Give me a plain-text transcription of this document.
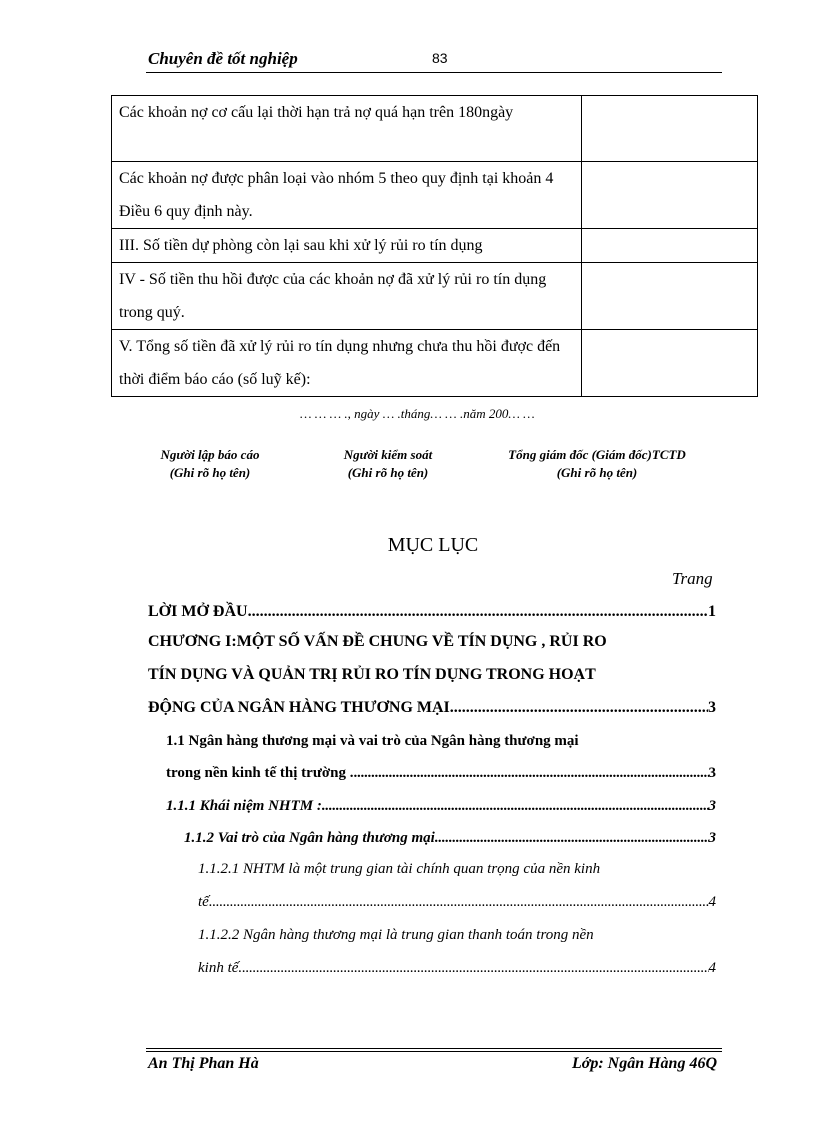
Chuyên đề tốt nghiệp	83
Các khoản nợ cơ cấu lại thời hạn trả nợ quá hạn trên 180ngày	
Các khoản nợ được phân loại vào nhóm 5 theo quy định tại khoản 4 Điều 6 quy định này.	
III. Số tiền dự phòng còn lại sau khi xử lý rủi ro tín dụng	
IV - Số tiền thu hồi được của các khoản nợ đã xử lý rủi ro tín dụng trong quý.	
V. Tổng số tiền đã xử lý rủi ro tín dụng nhưng chưa thu hồi được đến thời điểm báo cáo (số luỹ kế):	
… … … ., ngày … .tháng… … .năm 200… …
Người lập báo cáo
(Ghi rõ họ tên)
Người kiểm soát
(Ghi rõ họ tên)
Tổng giám đốc (Giám đốc)TCTD
(Ghi rõ họ tên)
MỤC LỤC
Trang
LỜI MỞ ĐẦU . . .	1
CHƯƠNG I:MỘT SỐ VẤN ĐỀ CHUNG VỀ TÍN DỤNG , RỦI RO
TÍN DỤNG VÀ QUẢN TRỊ RỦI RO TÍN DỤNG TRONG HOẠT
ĐỘNG CỦA NGÂN HÀNG THƯƠNG MẠI . . .	3
1.1 Ngân hàng thương mại và vai trò của Ngân hàng thương mại
trong nền kinh tế thị trường . . . .	3
1.1.1 Khái niệm NHTM : . . .	3
1.1.2 Vai trò của Ngân hàng thương mại . . .	3
1.1.2.1 NHTM là một trung gian tài chính quan trọng của nền kinh
tế . . .	4
1.1.2.2 Ngân hàng thương mại là trung gian thanh toán trong nền
kinh tế. . . .	4
An Thị Phan Hà	Lớp: Ngân Hàng 46Q
